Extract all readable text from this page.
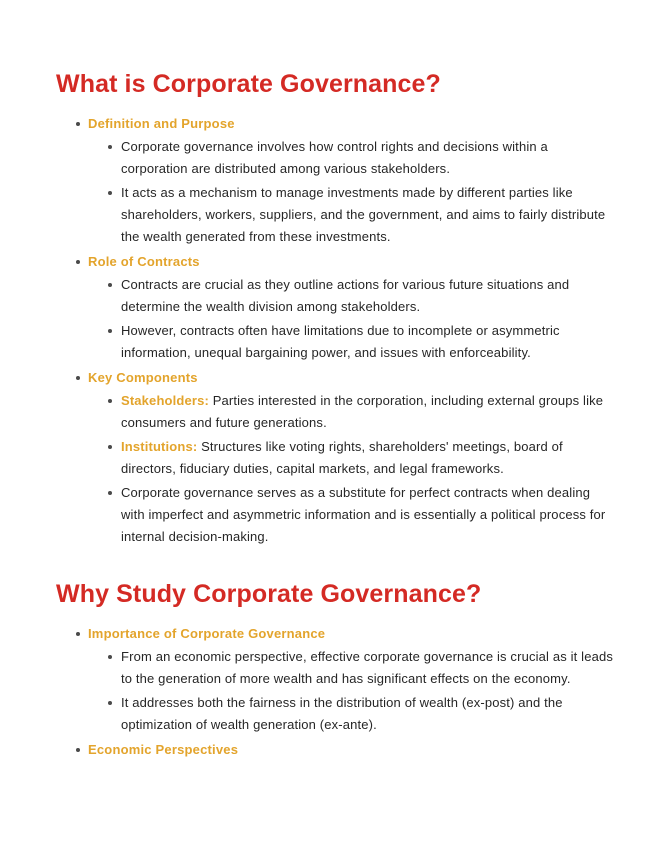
What is Corporate Governance?
Definition and Purpose
Corporate governance involves how control rights and decisions within a corporation are distributed among various stakeholders.
It acts as a mechanism to manage investments made by different parties like shareholders, workers, suppliers, and the government, and aims to fairly distribute the wealth generated from these investments.
Role of Contracts
Contracts are crucial as they outline actions for various future situations and determine the wealth division among stakeholders.
However, contracts often have limitations due to incomplete or asymmetric information, unequal bargaining power, and issues with enforceability.
Key Components
Stakeholders: Parties interested in the corporation, including external groups like consumers and future generations.
Institutions: Structures like voting rights, shareholders' meetings, board of directors, fiduciary duties, capital markets, and legal frameworks.
Corporate governance serves as a substitute for perfect contracts when dealing with imperfect and asymmetric information and is essentially a political process for internal decision-making.
Why Study Corporate Governance?
Importance of Corporate Governance
From an economic perspective, effective corporate governance is crucial as it leads to the generation of more wealth and has significant effects on the economy.
It addresses both the fairness in the distribution of wealth (ex-post) and the optimization of wealth generation (ex-ante).
Economic Perspectives
